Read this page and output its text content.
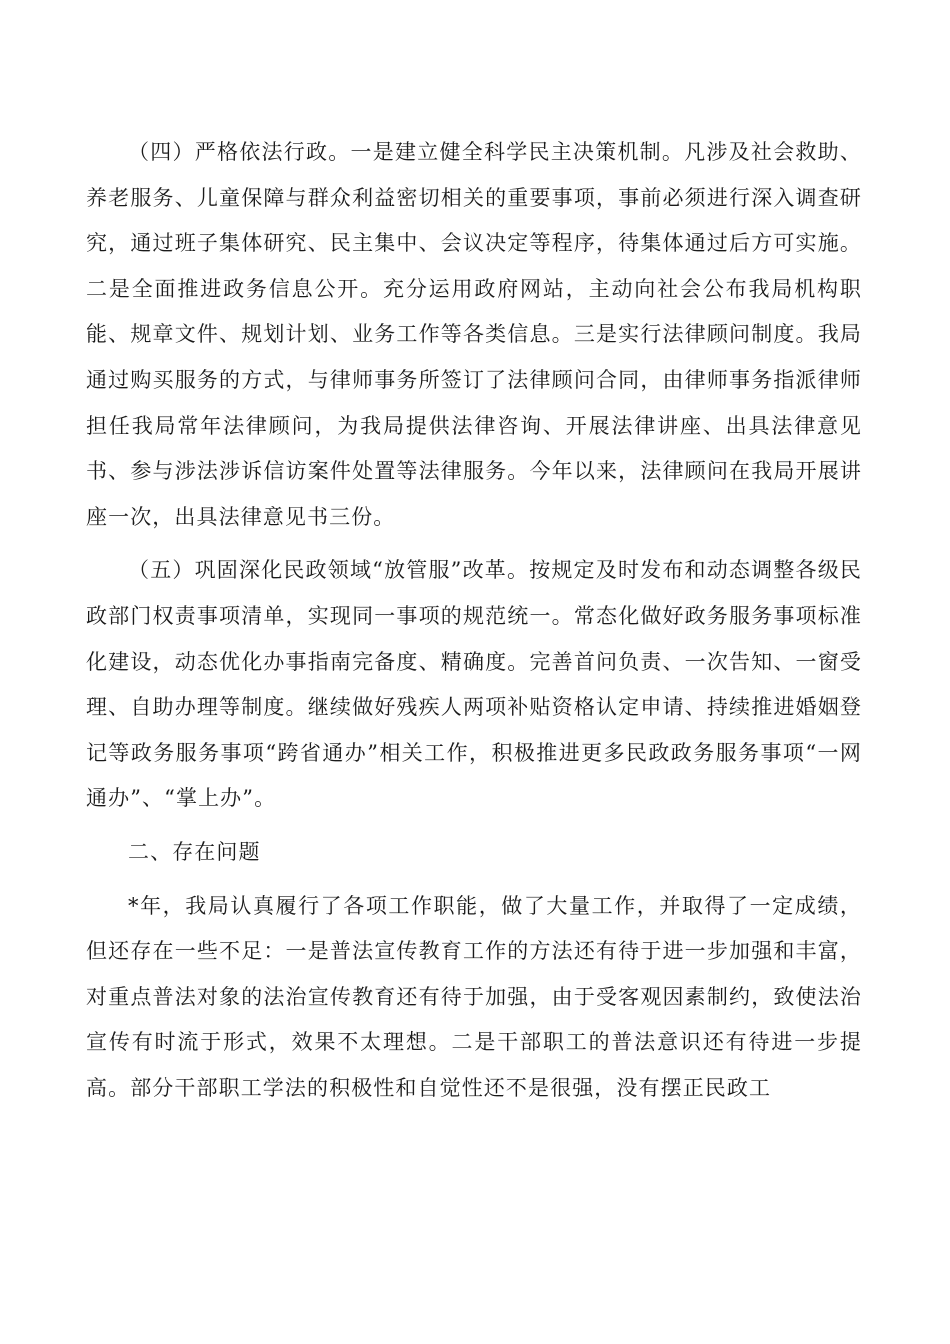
（四）严格依法行政。一是建立健全科学民主决策机制。凡涉及社会救助、养老服务、儿童保障与群众利益密切相关的重要事项，事前必须进行深入调查研究，通过班子集体研究、民主集中、会议决定等程序，待集体通过后方可实施。二是全面推进政务信息公开。充分运用政府网站，主动向社会公布我局机构职能、规章文件、规划计划、业务工作等各类信息。三是实行法律顾问制度。我局通过购买服务的方式，与律师事务所签订了法律顾问合同，由律师事务指派律师担任我局常年法律顾问，为我局提供法律咨询、开展法律讲座、出具法律意见书、参与涉法涉诉信访案件处置等法律服务。今年以来，法律顾问在我局开展讲座一次，出具法律意见书三份。

（五）巩固深化民政领域“放管服”改革。按规定及时发布和动态调整各级民政部门权责事项清单，实现同一事项的规范统一。常态化做好政务服务事项标准化建设，动态优化办事指南完备度、精确度。完善首问负责、一次告知、一窗受理、自助办理等制度。继续做好残疾人两项补贴资格认定申请、持续推进婚姻登记等政务服务事项“跨省通办”相关工作，积极推进更多民政政务服务事项“一网通办”、“掌上办”。

二、存在问题

*年，我局认真履行了各项工作职能，做了大量工作，并取得了一定成绩，但还存在一些不足：一是普法宣传教育工作的方法还有待于进一步加强和丰富，对重点普法对象的法治宣传教育还有待于加强，由于受客观因素制约，致使法治宣传有时流于形式，效果不太理想。二是干部职工的普法意识还有待进一步提高。部分干部职工学法的积极性和自觉性还不是很强，没有摆正民政工
